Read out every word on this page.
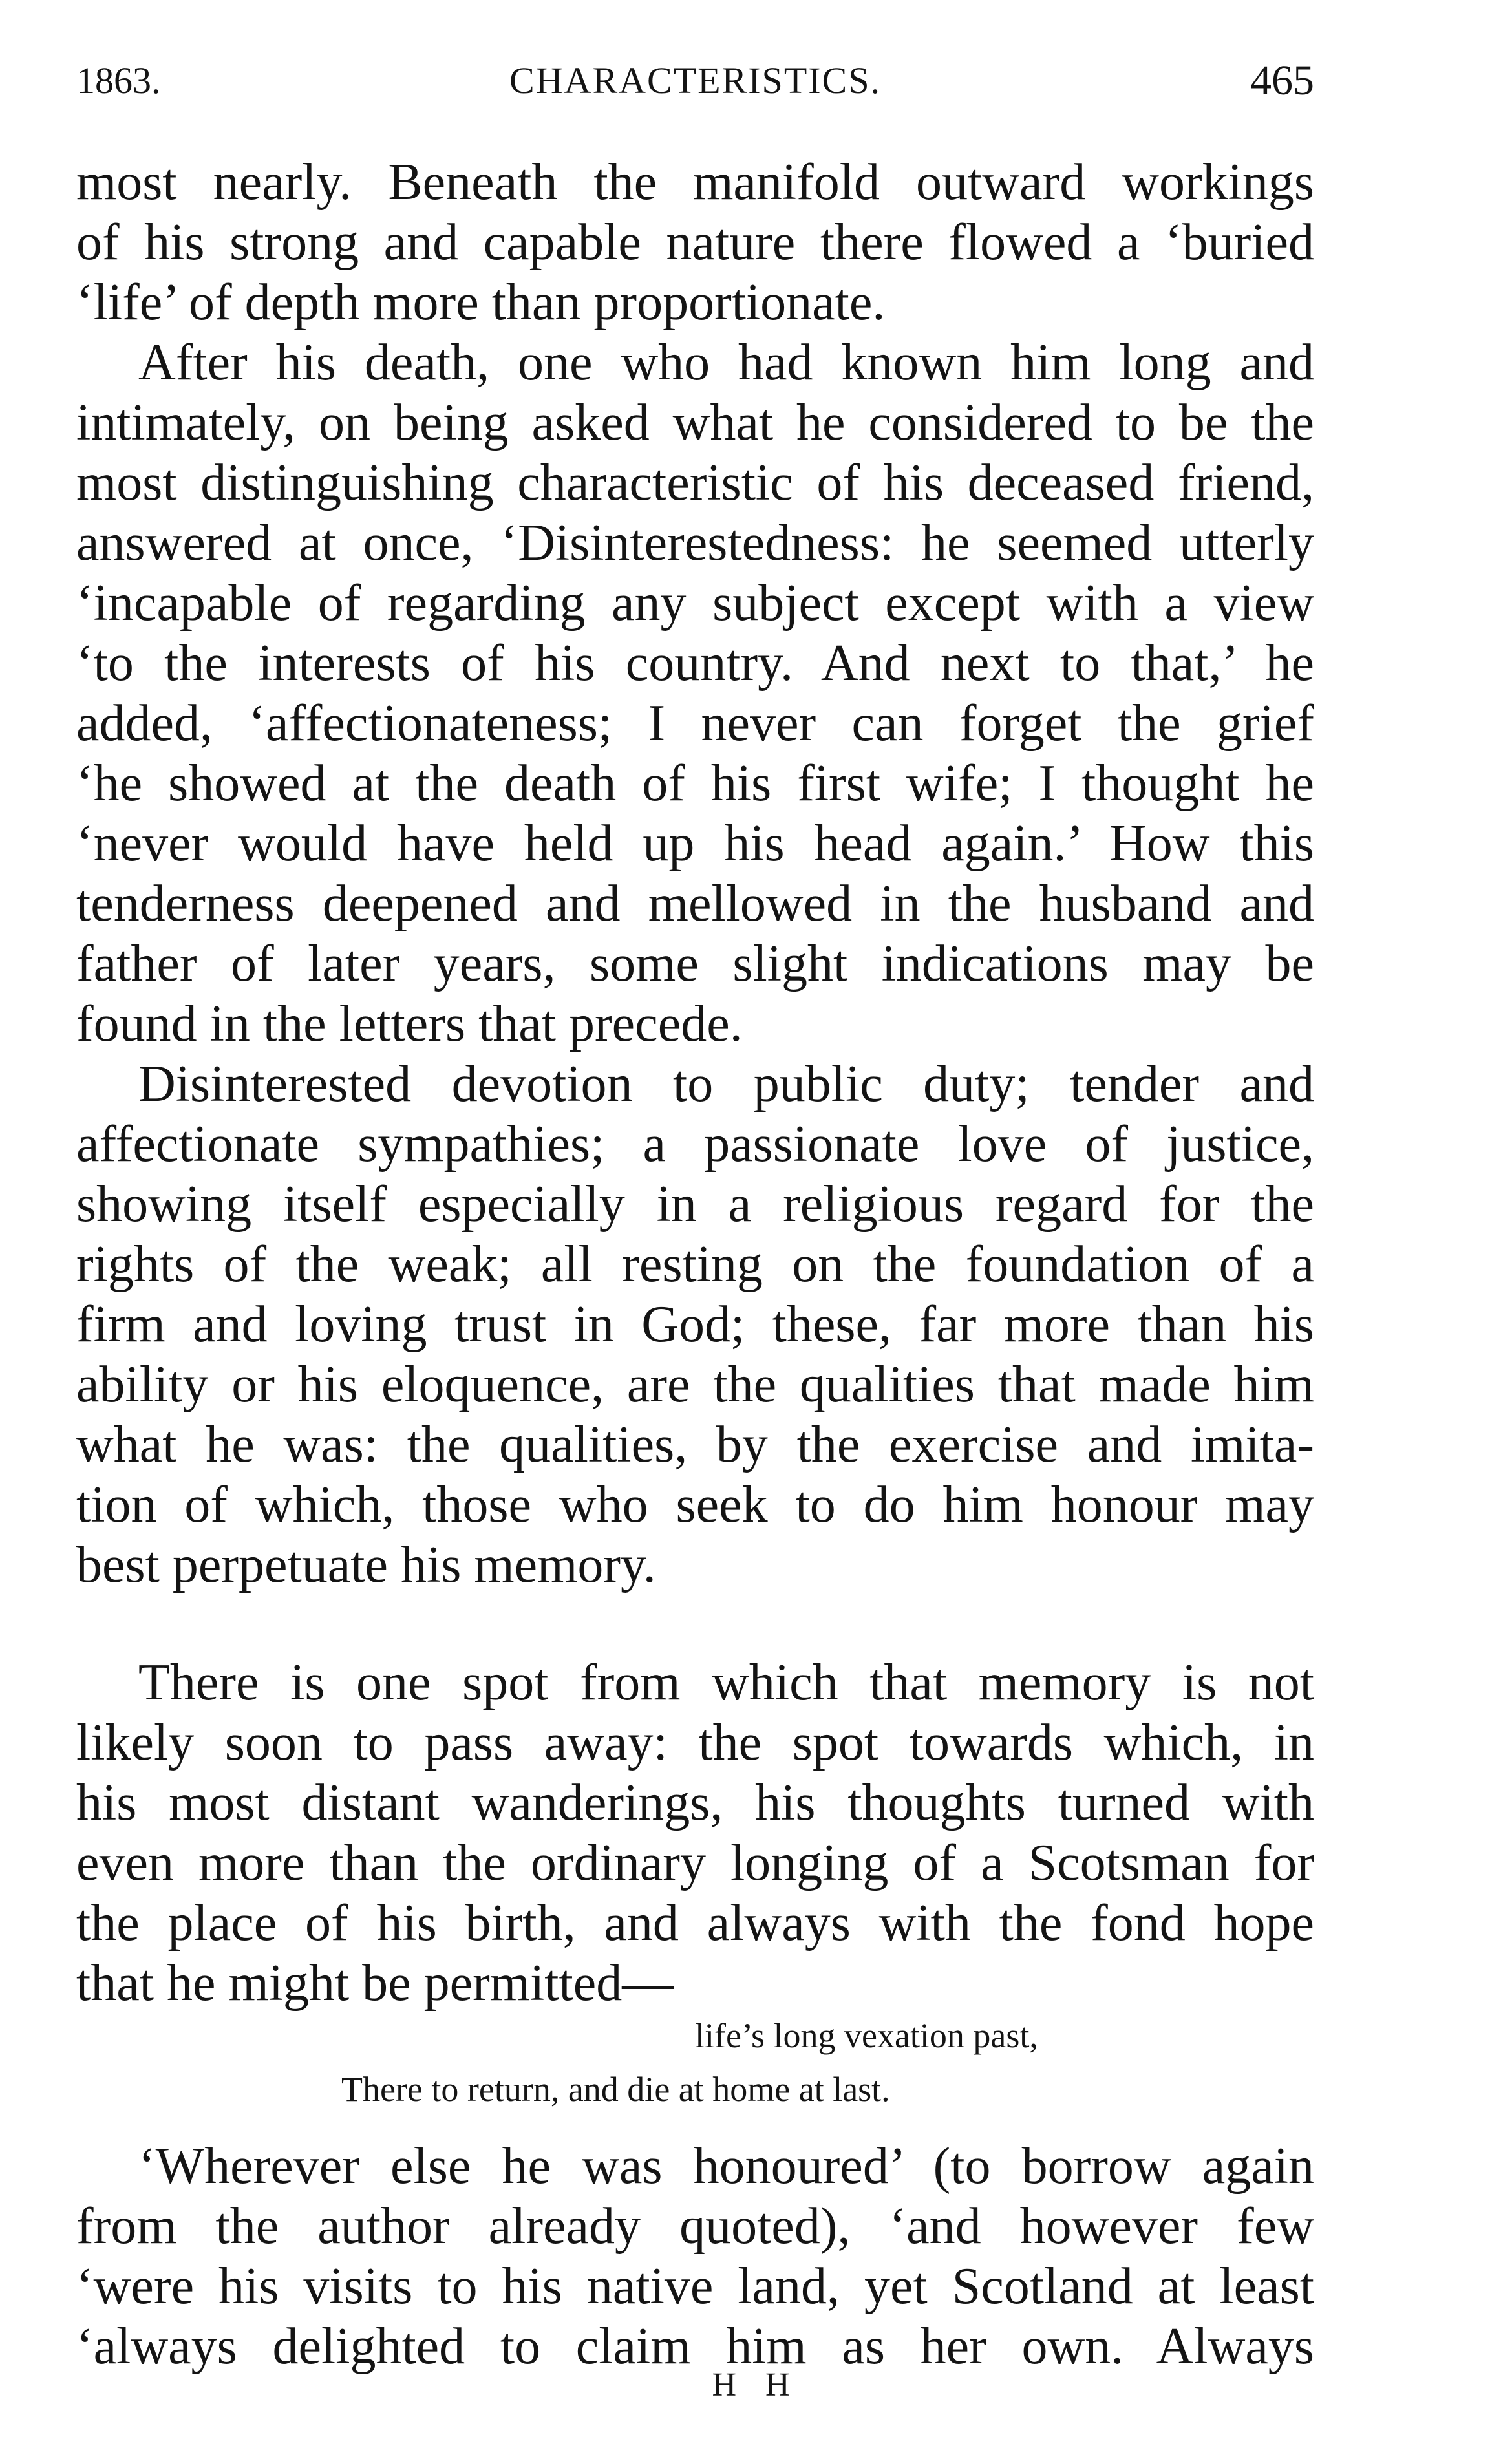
1863.	CHARACTERISTICS.	465
most nearly. Beneath the manifold outward workings
of his strong and capable nature there flowed a ‘buried
‘life’ of depth more than proportionate.
After his death, one who had known him long and
intimately, on being asked what he considered to be the
most distinguishing characteristic of his deceased friend,
answered at once, ‘Disinterestedness: he seemed utterly
‘incapable of regarding any subject except with a view
‘to the interests of his country. And next to that,’ he
added, ‘affectionateness; I never can forget the grief
‘he showed at the death of his first wife; I thought he
‘never would have held up his head again.’ How this
tenderness deepened and mellowed in the husband and
father of later years, some slight indications may be
found in the letters that precede.
Disinterested devotion to public duty; tender and
affectionate sympathies; a passionate love of justice,
showing itself especially in a religious regard for the
rights of the weak; all resting on the foundation of a
firm and loving trust in God; these, far more than his
ability or his eloquence, are the qualities that made him
what he was: the qualities, by the exercise and imita-
tion of which, those who seek to do him honour may
best perpetuate his memory.
There is one spot from which that memory is not
likely soon to pass away: the spot towards which, in
his most distant wanderings, his thoughts turned with
even more than the ordinary longing of a Scotsman for
the place of his birth, and always with the fond hope
that he might be permitted—
life’s long vexation past,
There to return, and die at home at last.
‘Wherever else he was honoured’ (to borrow again
from the author already quoted), ‘and however few
‘were his visits to his native land, yet Scotland at least
‘always delighted to claim him as her own. Always
H H
